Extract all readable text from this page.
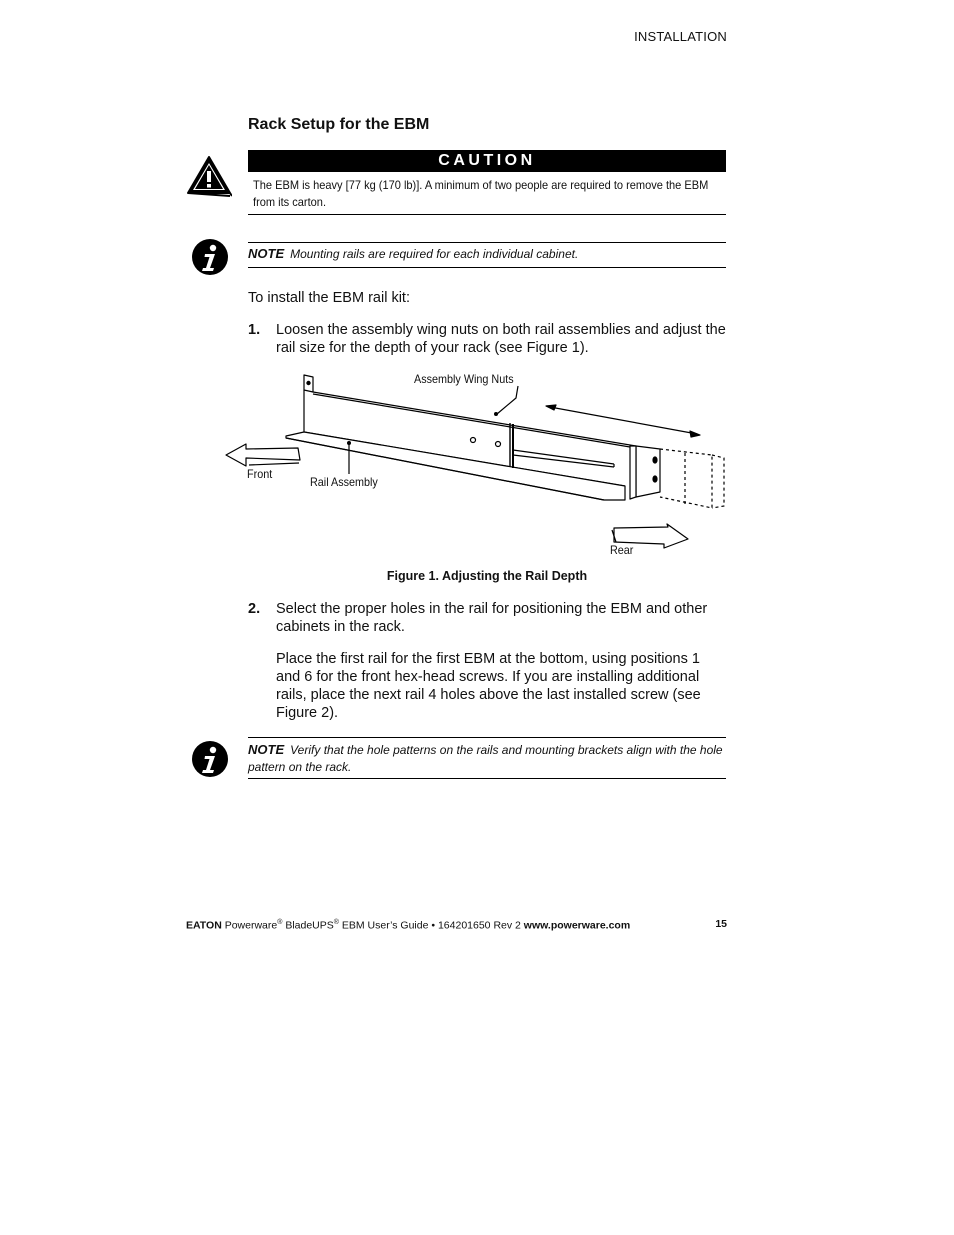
INSTALLATION
Rack Setup for the EBM
CAUTION
The EBM is heavy [77 kg (170 lb)]. A minimum of two people are required to remove the EBM from its carton.
NOTE Mounting rails are required for each individual cabinet.
To install the EBM rail kit:
1. Loosen the assembly wing nuts on both rail assemblies and adjust the rail size for the depth of your rack (see Figure 1).
Assembly Wing Nuts
Front
Rail Assembly
Rear
Figure 1. Adjusting the Rail Depth
2. Select the proper holes in the rail for positioning the EBM and other cabinets in the rack.
Place the first rail for the first EBM at the bottom, using positions 1 and 6 for the front hex-head screws. If you are installing additional rails, place the next rail 4 holes above the last installed screw (see Figure 2).
NOTE Verify that the hole patterns on the rails and mounting brackets align with the hole pattern on the rack.
EATON Powerware® BladeUPS® EBM User’s Guide • 164201650 Rev 2 www.powerware.com	15
